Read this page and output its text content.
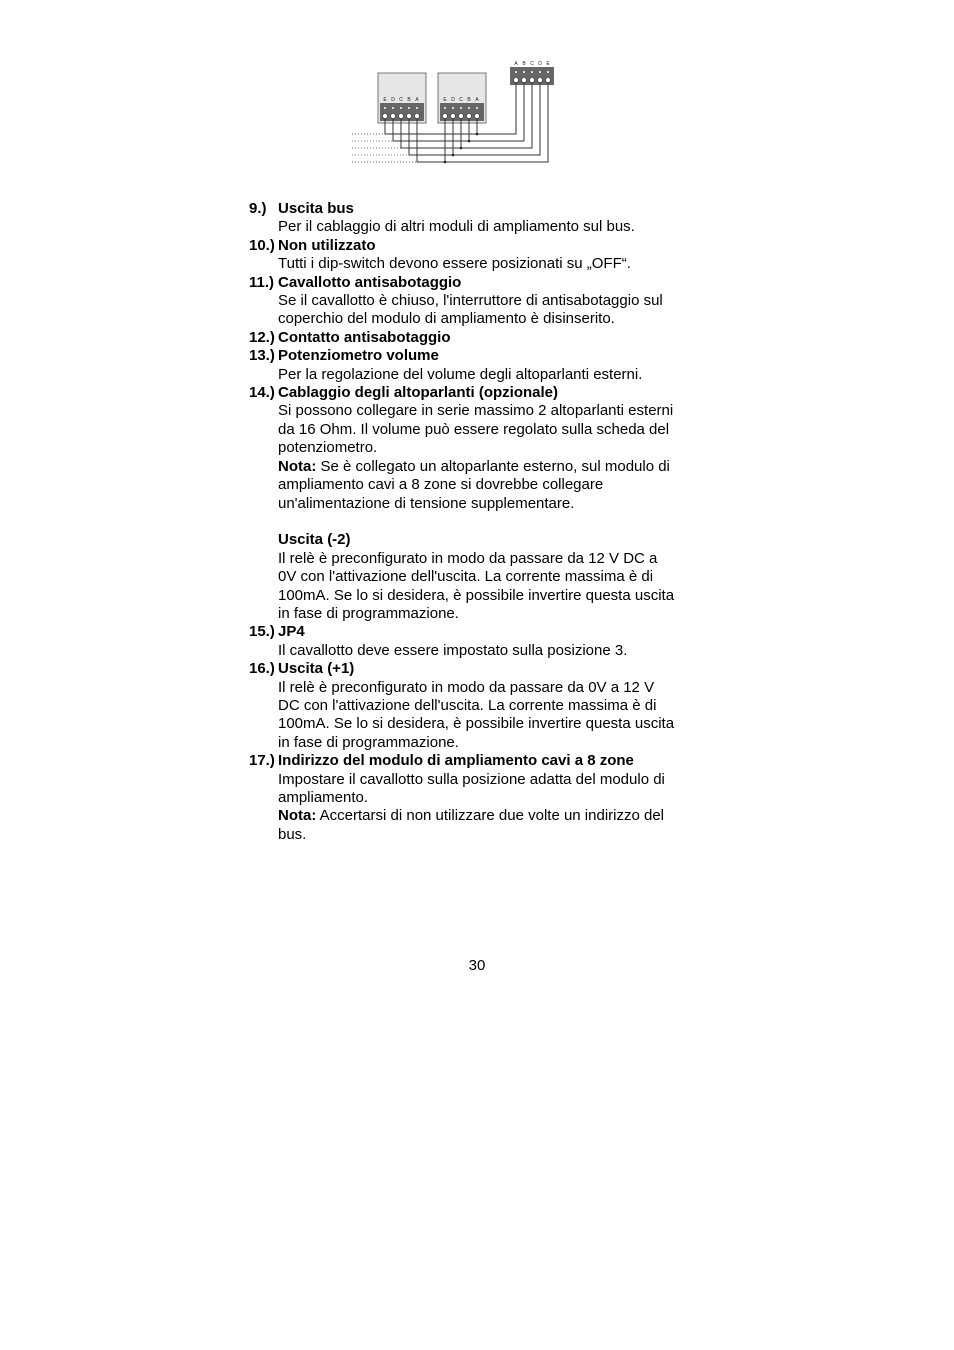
E D C B A	E D C B A
A B C D E
9.) Uscita bus
Per il cablaggio di altri moduli di ampliamento sul bus.
10.) Non utilizzato
Tutti i dip-switch devono essere posizionati su „OFF“.
11.) Cavallotto antisabotaggio
Se il cavallotto è chiuso, l'interruttore di antisabotaggio sul
coperchio del modulo di ampliamento è disinserito.
12.) Contatto antisabotaggio
13.) Potenziometro volume
Per la regolazione del volume degli altoparlanti esterni.
14.) Cablaggio degli altoparlanti (opzionale)
Si possono collegare in serie massimo 2 altoparlanti esterni
da 16 Ohm. Il volume può essere regolato sulla scheda del
potenziometro.
Nota: Se è collegato un altoparlante esterno, sul modulo di
ampliamento cavi a 8 zone si dovrebbe collegare
un'alimentazione di tensione supplementare.
Uscita (-2)
Il relè è preconfigurato in modo da passare da 12 V DC a
0V con l'attivazione dell'uscita. La corrente massima è di
100mA. Se lo si desidera, è possibile invertire questa uscita
in fase di programmazione.
15.) JP4
Il cavallotto deve essere impostato sulla posizione 3.
16.) Uscita (+1)
Il relè è preconfigurato in modo da passare da 0V a 12 V
DC con l'attivazione dell'uscita. La corrente massima è di
100mA. Se lo si desidera, è possibile invertire questa uscita
in fase di programmazione.
17.) Indirizzo del modulo di ampliamento cavi a 8 zone
Impostare il cavallotto sulla posizione adatta del modulo di
ampliamento.
Nota: Accertarsi di non utilizzare due volte un indirizzo del
bus.
30
